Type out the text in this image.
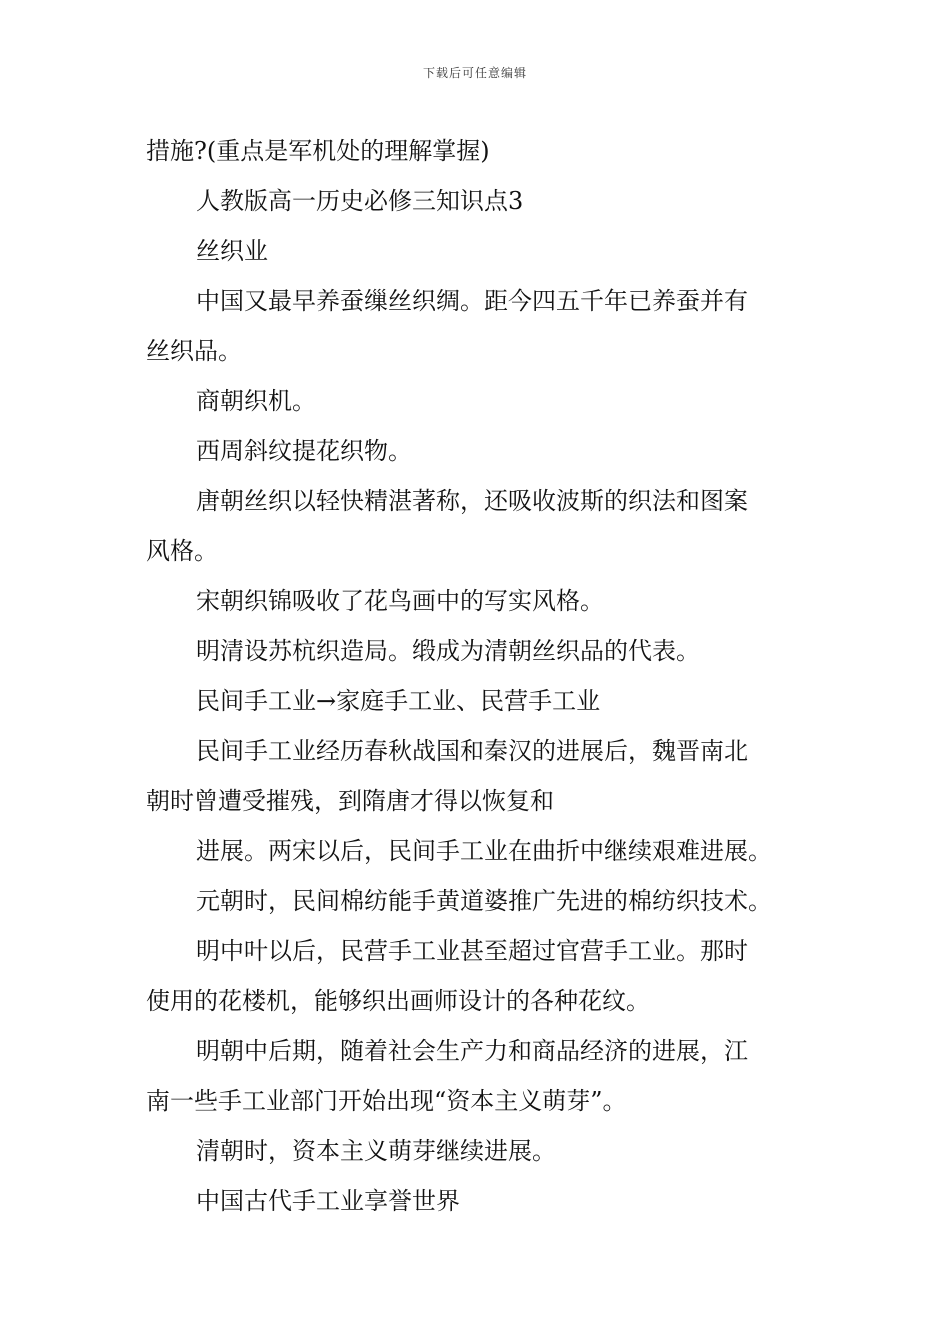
下载后可任意编辑
措施?(重点是军机处的理解掌握)
人教版高一历史必修三知识点3
丝织业
中国又最早养蚕缫丝织绸。距今四五千年已养蚕并有
丝织品。
商朝织机。
西周斜纹提花织物。
唐朝丝织以轻快精湛著称，还吸收波斯的织法和图案
风格。
宋朝织锦吸收了花鸟画中的写实风格。
明清设苏杭织造局。缎成为清朝丝织品的代表。
民间手工业→家庭手工业、民营手工业
民间手工业经历春秋战国和秦汉的进展后，魏晋南北
朝时曾遭受摧残，到隋唐才得以恢复和
进展。两宋以后，民间手工业在曲折中继续艰难进展。
元朝时，民间棉纺能手黄道婆推广先进的棉纺织技术。
明中叶以后，民营手工业甚至超过官营手工业。那时
使用的花楼机，能够织出画师设计的各种花纹。
明朝中后期，随着社会生产力和商品经济的进展，江
南一些手工业部门开始出现“资本主义萌芽”。
清朝时，资本主义萌芽继续进展。
中国古代手工业享誉世界
